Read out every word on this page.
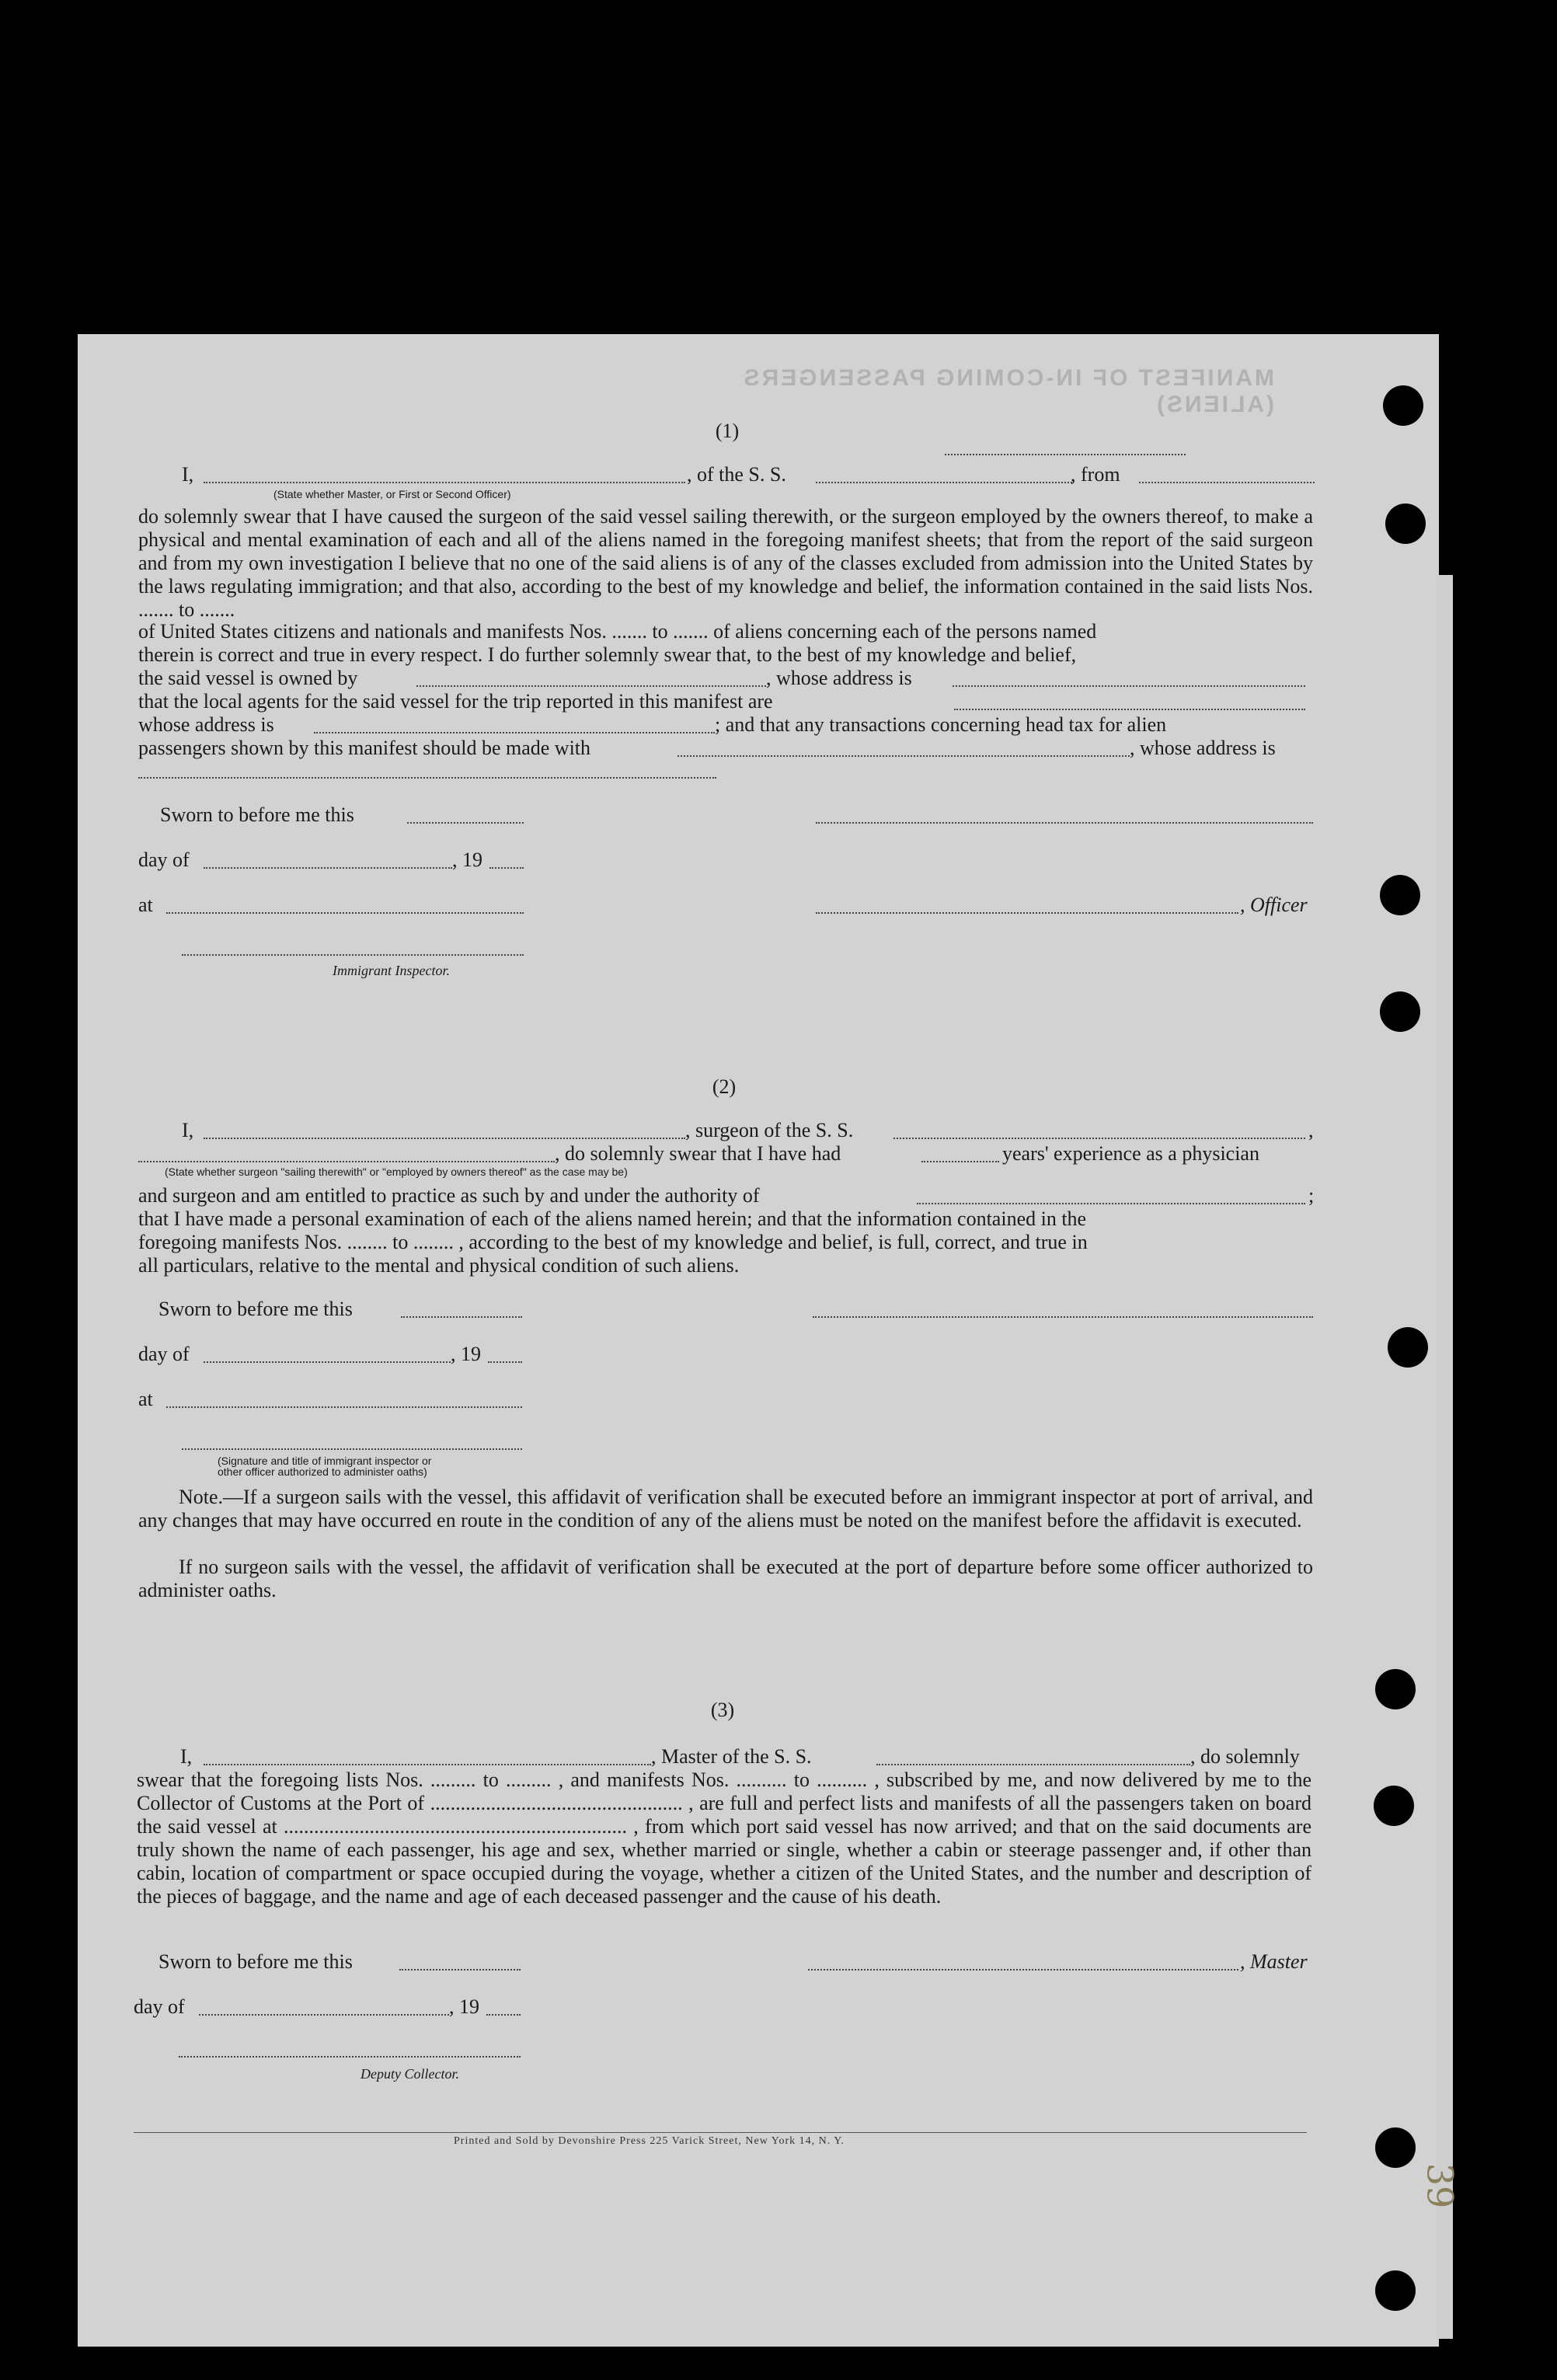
MANIFEST OF IN-COMING PASSENGERS (ALIENS)
(1)
I,	, of the S. S.	, from
(State whether Master, or First or Second Officer)
do solemnly swear that I have caused the surgeon of the said vessel sailing therewith, or the surgeon employed by the owners thereof, to make a physical and mental examination of each and all of the aliens named in the foregoing manifest sheets; that from the report of the said surgeon and from my own investigation I believe that no one of the said aliens is of any of the classes excluded from admission into the United States by the laws regulating immigration; and that also, according to the best of my knowledge and belief, the information contained in the said lists Nos. ....... to .......
of United States citizens and nationals and manifests Nos. ....... to ....... of aliens concerning each of the persons named
therein is correct and true in every respect. I do further solemnly swear that, to the best of my knowledge and belief,
the said vessel is owned by	, whose address is
that the local agents for the said vessel for the trip reported in this manifest are
whose address is	; and that any transactions concerning head tax for alien
passengers shown by this manifest should be made with	, whose address is
Sworn to before me this
day of	, 19
at	, Officer
Immigrant Inspector.
(2)
I,	, surgeon of the S. S.	,
, do solemnly swear that I have had	years' experience as a physician
(State whether surgeon "sailing therewith" or "employed by owners thereof" as the case may be)
and surgeon and am entitled to practice as such by and under the authority of	;
that I have made a personal examination of each of the aliens named herein; and that the information contained in the
foregoing manifests Nos. ........ to ........ , according to the best of my knowledge and belief, is full, correct, and true in
all particulars, relative to the mental and physical condition of such aliens.
Sworn to before me this
day of	, 19
at
(Signature and title of immigrant inspector or
other officer authorized to administer oaths)
Note.—If a surgeon sails with the vessel, this affidavit of verification shall be executed before an immigrant inspector at port of arrival, and any changes that may have occurred en route in the condition of any of the aliens must be noted on the manifest before the affidavit is executed.
If no surgeon sails with the vessel, the affidavit of verification shall be executed at the port of departure before some officer authorized to administer oaths.
(3)
I,	, Master of the S. S.	, do solemnly
swear that the foregoing lists Nos. ......... to ......... , and manifests Nos. .......... to .......... , subscribed by me, and now delivered by me to the Collector of Customs at the Port of .................................................. , are full and perfect lists and manifests of all the passengers taken on board the said vessel at .................................................................... , from which port said vessel has now arrived; and that on the said documents are truly shown the name of each passenger, his age and sex, whether married or single, whether a cabin or steerage passenger and, if other than cabin, location of compartment or space occupied during the voyage, whether a citizen of the United States, and the number and description of the pieces of baggage, and the name and age of each deceased passenger and the cause of his death.
Sworn to before me this	, Master
day of	, 19
Deputy Collector.
Printed and Sold by Devonshire Press 225 Varick Street, New York 14, N. Y.
39
